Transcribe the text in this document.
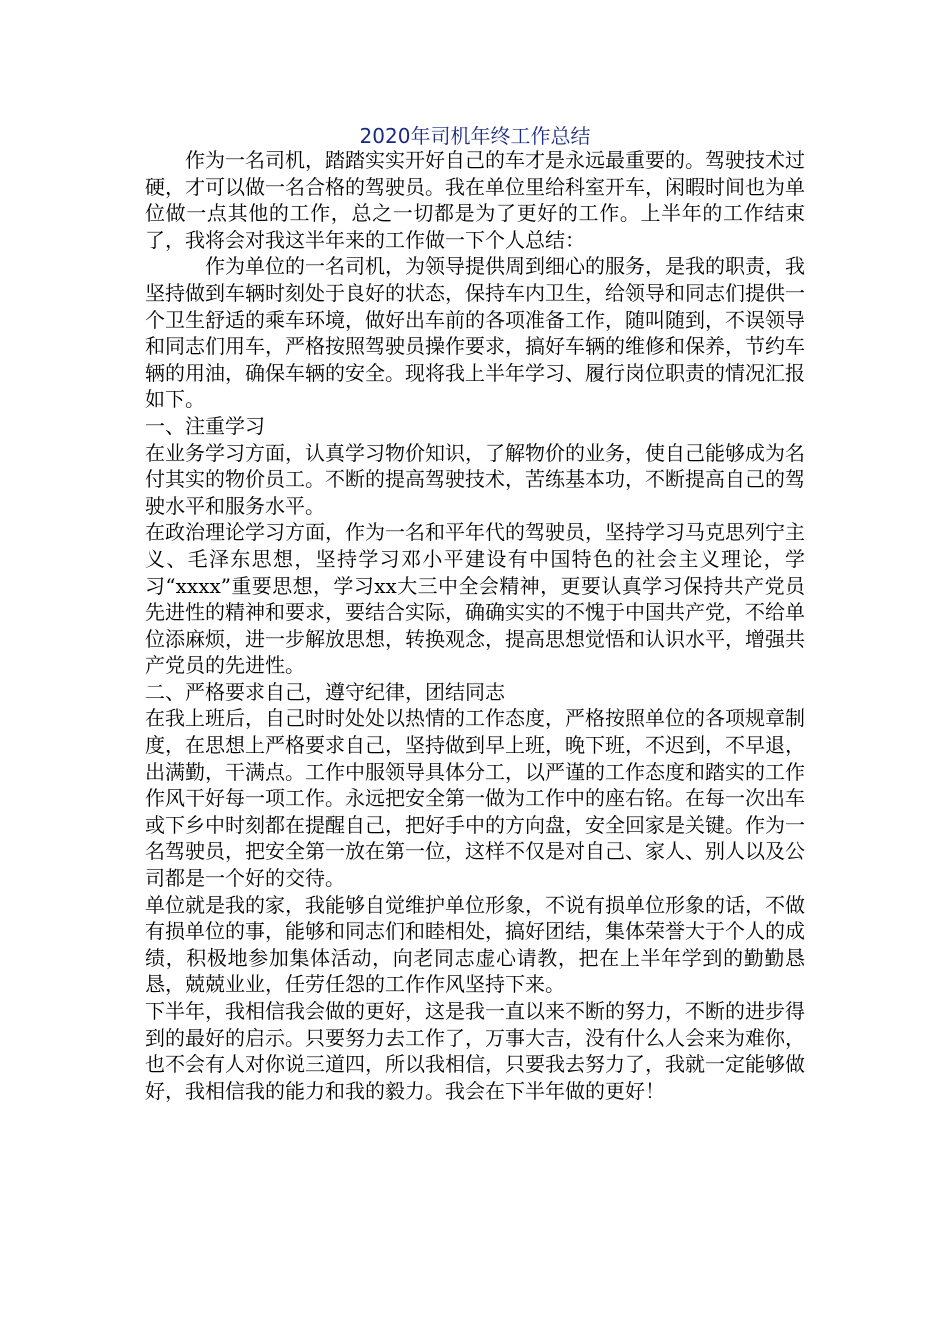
2020年司机年终工作总结

作为一名司机，踏踏实实开好自己的车才是永远最重要的。驾驶技术过硬，才可以做一名合格的驾驶员。我在单位里给科室开车，闲暇时间也为单位做一点其他的工作，总之一切都是为了更好的工作。上半年的工作结束了，我将会对我这半年来的工作做一下个人总结：

作为单位的一名司机，为领导提供周到细心的服务，是我的职责，我坚持做到车辆时刻处于良好的状态，保持车内卫生，给领导和同志们提供一个卫生舒适的乘车环境，做好出车前的各项准备工作，随叫随到，不误领导和同志们用车，严格按照驾驶员操作要求，搞好车辆的维修和保养，节约车辆的用油，确保车辆的安全。现将我上半年学习、履行岗位职责的情况汇报如下。

一、注重学习

在业务学习方面，认真学习物价知识，了解物价的业务，使自己能够成为名付其实的物价员工。不断的提高驾驶技术，苦练基本功，不断提高自己的驾驶水平和服务水平。

在政治理论学习方面，作为一名和平年代的驾驶员，坚持学习马克思列宁主义、毛泽东思想，坚持学习邓小平建设有中国特色的社会主义理论，学习“xxxx”重要思想，学习xx大三中全会精神，更要认真学习保持共产党员先进性的精神和要求，要结合实际，确确实实的不愧于中国共产党，不给单位添麻烦，进一步解放思想，转换观念，提高思想觉悟和认识水平，增强共产党员的先进性。

二、严格要求自己，遵守纪律，团结同志

在我上班后，自己时时处处以热情的工作态度，严格按照单位的各项规章制度，在思想上严格要求自己，坚持做到早上班，晚下班，不迟到，不早退，出满勤，干满点。工作中服领导具体分工，以严谨的工作态度和踏实的工作作风干好每一项工作。永远把安全第一做为工作中的座右铭。在每一次出车或下乡中时刻都在提醒自己，把好手中的方向盘，安全回家是关键。作为一名驾驶员，把安全第一放在第一位，这样不仅是对自己、家人、别人以及公司都是一个好的交待。

单位就是我的家，我能够自觉维护单位形象，不说有损单位形象的话，不做有损单位的事，能够和同志们和睦相处，搞好团结，集体荣誉大于个人的成绩，积极地参加集体活动，向老同志虚心请教，把在上半年学到的勤勤恳恳，兢兢业业，任劳任怨的工作作风坚持下来。

下半年，我相信我会做的更好，这是我一直以来不断的努力，不断的进步得到的最好的启示。只要努力去工作了，万事大吉，没有什么人会来为难你，也不会有人对你说三道四，所以我相信，只要我去努力了，我就一定能够做好，我相信我的能力和我的毅力。我会在下半年做的更好！
